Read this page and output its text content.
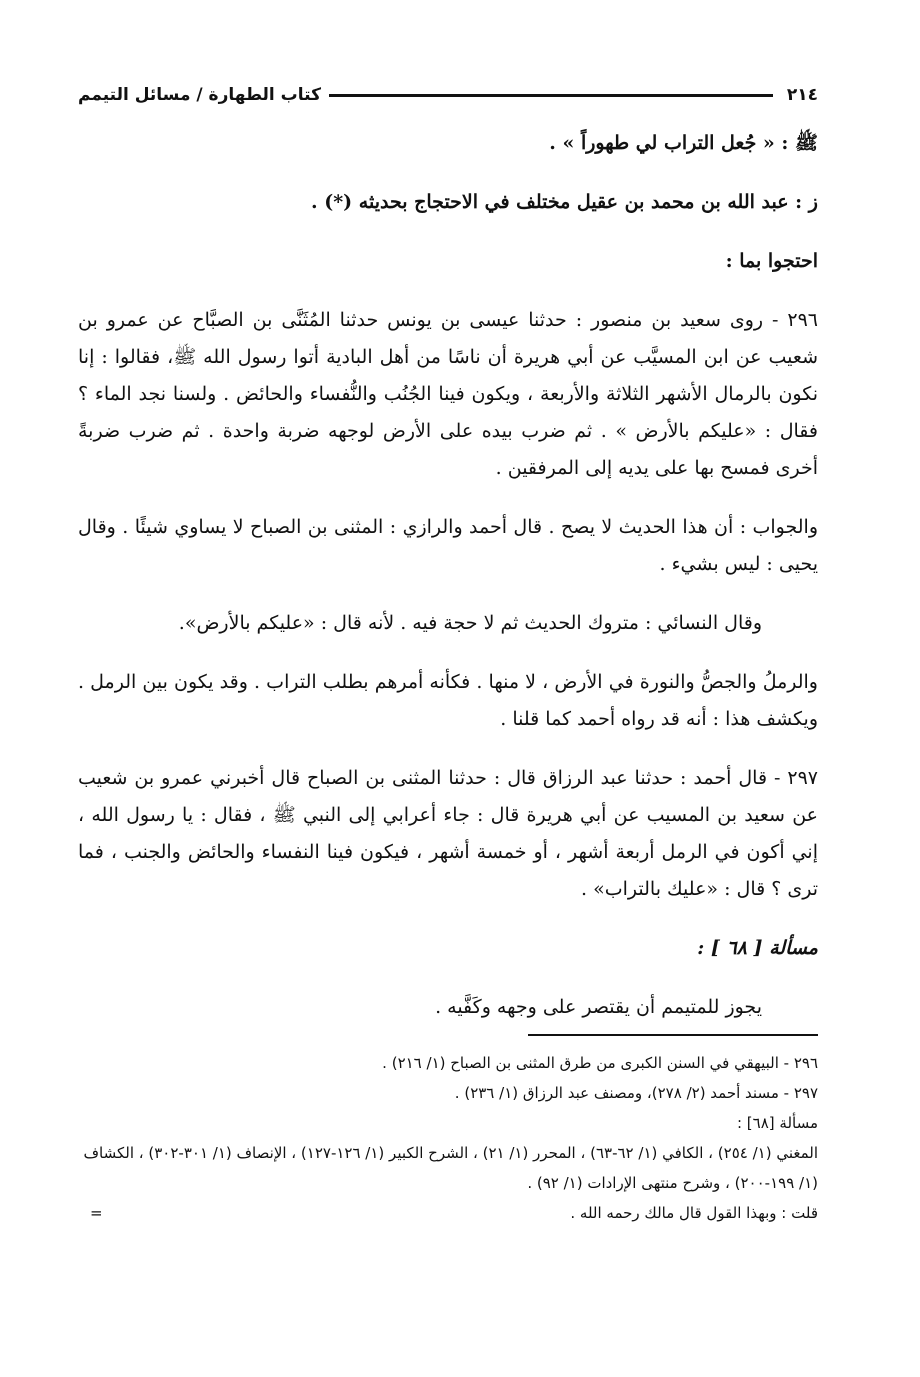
٢١٤
كتاب الطهارة / مسائل التيمم

ﷺ : « جُعل التراب لي طهوراً » .

ز : عبد الله بن محمد بن عقيل مختلف في الاحتجاج بحديثه (*) .

احتجوا بما :

٢٩٦ - روى سعيد بن منصور : حدثنا عيسى بن يونس حدثنا المُثَنَّى بن الصبَّاح عن عمرو بن شعيب عن ابن المسيَّب عن أبي هريرة أن ناسًا من أهل البادية أتوا رسول الله ﷺ، فقالوا : إنا نكون بالرمال الأشهر الثلاثة والأربعة ، ويكون فينا الجُنُب والنُّفساء والحائض . ولسنا نجد الماء ؟ فقال : «عليكم بالأرض » . ثم ضرب بيده على الأرض لوجهه ضربة واحدة . ثم ضرب ضربةً أخرى فمسح بها على يديه إلى المرفقين .

والجواب : أن هذا الحديث لا يصح . قال أحمد والرازي : المثنى بن الصباح لا يساوي شيئًا . وقال يحيى : ليس بشيء .

وقال النسائي : متروك الحديث ثم لا حجة فيه . لأنه قال : «عليكم بالأرض».

والرملُ والجصُّ والنورة في الأرض ، لا منها . فكأنه أمرهم بطلب التراب . وقد يكون بين الرمل . ويكشف هذا : أنه قد رواه أحمد كما قلنا .

٢٩٧ - قال أحمد : حدثنا عبد الرزاق قال : حدثنا المثنى بن الصباح قال أخبرني عمرو بن شعيب عن سعيد بن المسيب عن أبي هريرة قال : جاء أعرابي إلى النبي ﷺ ، فقال : يا رسول الله ، إني أكون في الرمل أربعة أشهر ، أو خمسة أشهر ، فيكون فينا النفساء والحائض والجنب ، فما ترى ؟ قال : «عليك بالتراب» .

مسألة [ ٦٨ ] :

يجوز للمتيمم أن يقتصر على وجهه وكَفَّيه .

٢٩٦ - البيهقي في السنن الكبرى من طرق المثنى بن الصباح (١/ ٢١٦) .

٢٩٧ - مسند أحمد (٢/ ٢٧٨)، ومصنف عبد الرزاق (١/ ٢٣٦) .

مسألة [٦٨] :

المغني (١/ ٢٥٤) ، الكافي (١/ ٦٢-٦٣) ، المحرر (١/ ٢١) ، الشرح الكبير (١/ ١٢٦-١٢٧) ، الإنصاف (١/ ٣٠١-٣٠٢) ، الكشاف (١/ ١٩٩-٢٠٠) ، وشرح منتهى الإرادات (١/ ٩٢) .

قلت : وبهذا القول قال مالك رحمه الله .

=
